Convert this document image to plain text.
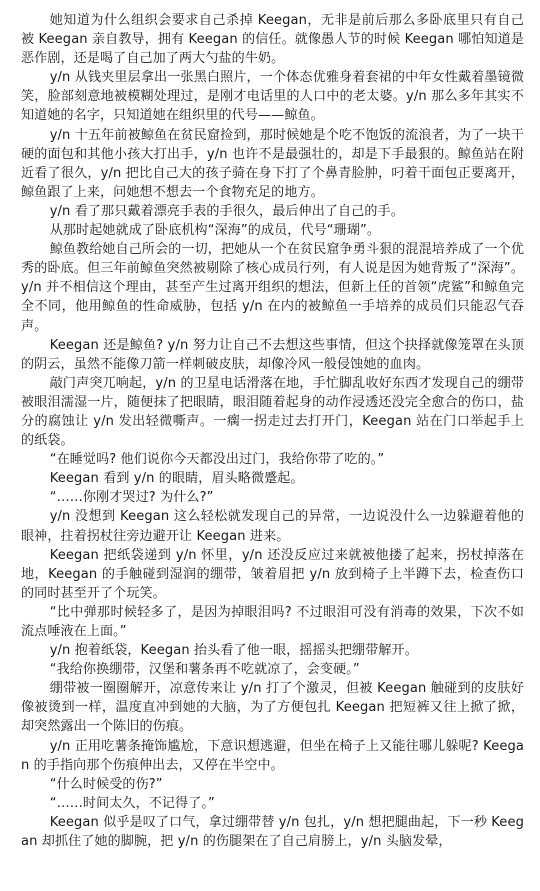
她知道为什么组织会要求自己杀掉 Keegan，无非是前后那么多卧底里只有自己被 Keegan 亲自教导，拥有 Keegan 的信任。就像愚人节的时候 Keegan 哪怕知道是恶作剧，还是喝了自己加了两大勺盐的牛奶。

y/n 从钱夹里层拿出一张黑白照片，一个体态优雅身着套裙的中年女性戴着墨镜微笑，脸部刻意地被模糊处理过，是刚才电话里的人口中的老太婆。y/n 那么多年其实不知道她的名字，只知道她在组织里的代号——鲸鱼。

y/n 十五年前被鲸鱼在贫民窟捡到，那时候她是个吃不饱饭的流浪者，为了一块干硬的面包和其他小孩大打出手，y/n 也许不是最强壮的，却是下手最狠的。鲸鱼站在附近看了很久，y/n 把比自己大的孩子骑在身下打了个鼻青脸肿，叼着干面包正要离开，鲸鱼跟了上来，问她想不想去一个食物充足的地方。

y/n 看了那只戴着漂亮手表的手很久，最后伸出了自己的手。

从那时起她就成了卧底机构“深海”的成员，代号“珊瑚”。

鲸鱼教给她自己所会的一切，把她从一个在贫民窟争勇斗狠的混混培养成了一个优秀的卧底。但三年前鲸鱼突然被剔除了核心成员行列，有人说是因为她背叛了“深海”。y/n 并不相信这个理由，甚至产生过离开组织的想法，但新上任的首领“虎鲨”和鲸鱼完全不同，他用鲸鱼的性命威胁，包括 y/n 在内的被鲸鱼一手培养的成员们只能忍气吞声。

Keegan 还是鲸鱼? y/n 努力让自己不去想这些事情，但这个抉择就像笼罩在头顶的阴云，虽然不能像刀箭一样刺破皮肤，却像冷风一般侵蚀她的血肉。

敲门声突兀响起，y/n 的卫星电话滑落在地，手忙脚乱收好东西才发现自己的绷带被眼泪濡湿一片，随便抹了把眼睛，眼泪随着起身的动作浸透还没完全愈合的伤口，盐分的腐蚀让 y/n 发出轻微嘶声。一瘸一拐走过去打开门，Keegan 站在门口举起手上的纸袋。

“在睡觉吗? 他们说你今天都没出过门，我给你带了吃的。”

Keegan 看到 y/n 的眼睛，眉头略微蹙起。

“……你刚才哭过? 为什么?”

y/n 没想到 Keegan 这么轻松就发现自己的异常，一边说没什么一边躲避着他的眼神，拄着拐杖往旁边避开让 Keegan 进来。

Keegan 把纸袋递到 y/n 怀里，y/n 还没反应过来就被他搂了起来，拐杖掉落在地，Keegan 的手触碰到湿润的绷带，皱着眉把 y/n 放到椅子上半蹲下去，检查伤口的同时甚至开了个玩笑。

“比中弹那时候轻多了，是因为掉眼泪吗? 不过眼泪可没有消毒的效果，下次不如流点唾液在上面。”

y/n 抱着纸袋，Keegan 抬头看了他一眼，摇摇头把绷带解开。

“我给你换绷带，汉堡和薯条再不吃就凉了，会变硬。”

绷带被一圈圈解开，凉意传来让 y/n 打了个激灵，但被 Keegan 触碰到的皮肤好像被烫到一样，温度直冲到她的大脑，为了方便包扎 Keegan 把短裤又往上掀了掀，却突然露出一个陈旧的伤痕。

y/n 正用吃薯条掩饰尴尬，下意识想逃避，但坐在椅子上又能往哪儿躲呢? Keegan 的手指向那个伤痕伸出去，又停在半空中。

“什么时候受的伤?”

“……时间太久，不记得了。”

Keegan 似乎是叹了口气，拿过绷带替 y/n 包扎，y/n 想把腿曲起，下一秒 Keegan 却抓住了她的脚腕，把 y/n 的伤腿架在了自己肩膀上，y/n 头脑发晕，
